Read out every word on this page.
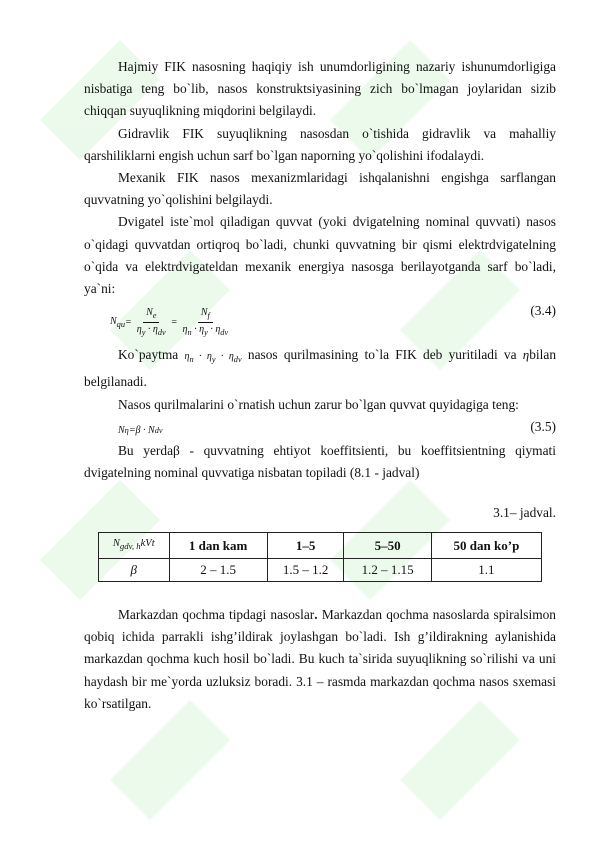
Hajmiy FIK nasosning haqiqiy ish unumdorligining nazariy ishunumdorligiga nisbatiga teng bo`lib, nasos konstruktsiyasining zich bo`lmagan joylaridan sizib chiqqan suyuqlikning miqdorini belgilaydi.

Gidravlik FIK suyuqlikning nasosdan o`tishida gidravlik va mahalliy qarshiliklarni engish uchun sarf bo`lgan naporning yo`qolishini ifodalaydi.

Mexanik FIK nasos mexanizmlaridagi ishqalanishni engishga sarflangan quvvatning yo`qolishini belgilaydi.

Dvigatel iste`mol qiladigan quvvat (yoki dvigatelning nominal quvvati) nasos o`qidagi quvvatdan ortiqroq bo`ladi, chunki quvvatning bir qismi elektrdvigatelning o`qida va elektrdvigateldan mexanik energiya nasosga berilayotganda sarf bo`ladi, ya`ni:

$N_{qu} = \frac{N_e}{\eta_y \cdot \eta_{dv}} = \frac{N_f}{\eta_n \cdot \eta_y \cdot \eta_{dv}}$	(3.4)

Ko`paytma $\eta_n \cdot \eta_y \cdot \eta_{dv}$ nasos qurilmasining to`la FIK deb yuritiladi va ηbilan belgilanadi.

Nasos qurilmalarini o`rnatish uchun zarur bo`lgan quvvat quyidagiga teng:

N η =β · N dv	(3.5)

Bu yerdaβ - quvvatning ehtiyot koeffitsienti, bu koeffitsientning qiymati dvigatelning nominal quvvatiga nisbatan topiladi (8.1 - jadval)

3.1– jadval.
$N_{gdv, h}kVt$	1 dan kam	1–5	5–50	50 dan ko’p
β	2 – 1.5	1.5 – 1.2	1.2 – 1.15	1.1

Markazdan qochma tipdagi nasoslar. Markazdan qochma nasoslarda spiralsimon qobiq ichida parrakli ishg’ildirak joylashgan bo`ladi. Ish g’ildirakning aylanishida markazdan qochma kuch hosil bo`ladi. Bu kuch ta`sirida suyuqlikning so`rilishi va uni haydash bir me`yorda uzluksiz boradi. 3.1 – rasmda markazdan qochma nasos sxemasi ko`rsatilgan.
